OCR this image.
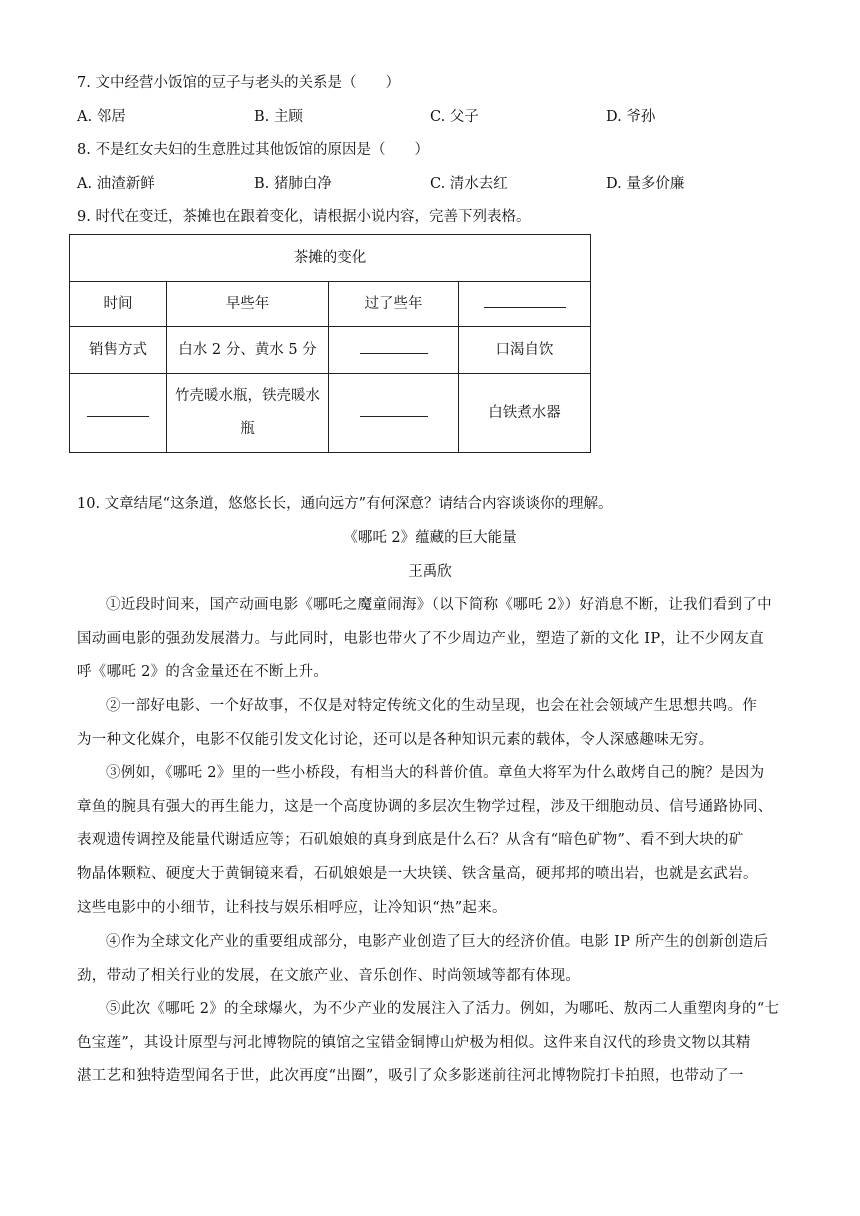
7. 文中经营小饭馆的豆子与老头的关系是（　　）
A. 邻居	B. 主顾	C. 父子	D. 爷孙
8. 不是红女夫妇的生意胜过其他饭馆的原因是（　　）
A. 油渣新鲜	B. 猪肺白净	C. 清水去红	D. 量多价廉
9. 时代在变迁，茶摊也在跟着变化，请根据小说内容，完善下列表格。
茶摊的变化			
时间	早些年	过了些年	
销售方式	白水 2 分、黄水 5 分		口渴自饮
	竹壳暖水瓶，铁壳暖水瓶		白铁煮水器
10. 文章结尾“这条道，悠悠长长，通向远方”有何深意？请结合内容谈谈你的理解。
《哪吒 2》蕴藏的巨大能量
王禹欣
①近段时间来，国产动画电影《哪吒之魔童闹海》（以下简称《哪吒 2》）好消息不断，让我们看到了中
国动画电影的强劲发展潜力。与此同时，电影也带火了不少周边产业，塑造了新的文化 IP，让不少网友直
呼《哪吒 2》的含金量还在不断上升。
②一部好电影、一个好故事，不仅是对特定传统文化的生动呈现，也会在社会领域产生思想共鸣。作
为一种文化媒介，电影不仅能引发文化讨论，还可以是各种知识元素的载体，令人深感趣味无穷。
③例如，《哪吒 2》里的一些小桥段，有相当大的科普价值。章鱼大将军为什么敢烤自己的腕？是因为
章鱼的腕具有强大的再生能力，这是一个高度协调的多层次生物学过程，涉及干细胞动员、信号通路协同、
表观遗传调控及能量代谢适应等；石矶娘娘的真身到底是什么石？从含有“暗色矿物”、看不到大块的矿
物晶体颗粒、硬度大于黄铜镜来看，石矶娘娘是一大块镁、铁含量高，硬邦邦的喷出岩，也就是玄武岩。
这些电影中的小细节，让科技与娱乐相呼应，让冷知识“热”起来。
④作为全球文化产业的重要组成部分，电影产业创造了巨大的经济价值。电影 IP 所产生的创新创造后
劲，带动了相关行业的发展，在文旅产业、音乐创作、时尚领域等都有体现。
⑤此次《哪吒 2》的全球爆火，为不少产业的发展注入了活力。例如，为哪吒、敖丙二人重塑肉身的“七
色宝莲”，其设计原型与河北博物院的镇馆之宝错金铜博山炉极为相似。这件来自汉代的珍贵文物以其精
湛工艺和独特造型闻名于世，此次再度“出圈”，吸引了众多影迷前往河北博物院打卡拍照，也带动了一
